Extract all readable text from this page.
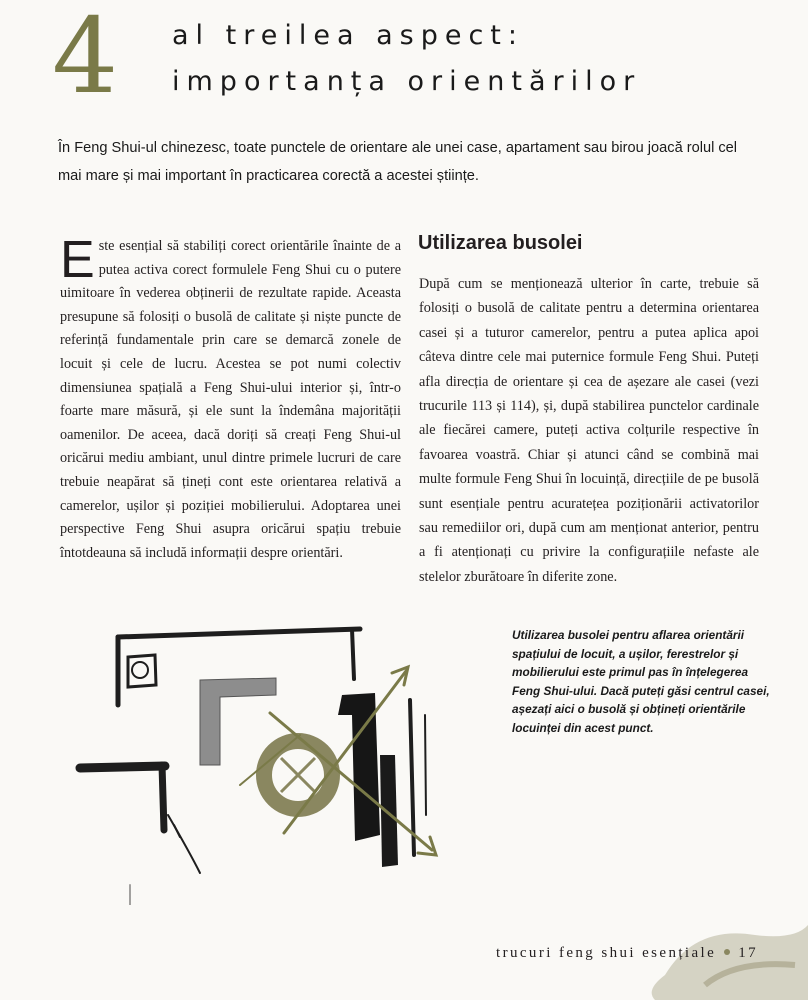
4 al treilea aspect:
importanța orientărilor

În Feng Shui-ul chinezesc, toate punctele de orientare ale unei case, apartament sau birou joacă rolul cel mai mare și mai important în practicarea corectă a acestei științe.

Este esențial să stabiliți corect orientările înainte de a putea activa corect formulele Feng Shui cu o putere uimitoare în vederea obținerii de rezultate rapide. Aceasta presupune să folosiți o busolă de calitate și niște puncte de referință fundamentale prin care se demarcă zonele de locuit și cele de lucru. Acestea se pot numi colectiv dimensiunea spațială a Feng Shui-ului interior și, într-o foarte mare măsură, și ele sunt la îndemâna majorității oamenilor. De aceea, dacă doriți să creați Feng Shui-ul oricărui mediu ambiant, unul dintre primele lucruri de care trebuie neapărat să țineți cont este orientarea relativă a camerelor, ușilor și poziției mobilierului. Adoptarea unei perspective Feng Shui asupra oricărui spațiu trebuie întotdeauna să includă informații despre orientări.

Utilizarea busolei

După cum se menționează ulterior în carte, trebuie să folosiți o busolă de calitate pentru a determina orientarea casei și a tuturor camerelor, pentru a putea aplica apoi câteva dintre cele mai puternice formule Feng Shui. Puteți afla direcția de orientare și cea de așezare ale casei (vezi trucurile 113 și 114), și, după stabilirea punctelor cardinale ale fiecărei camere, puteți activa colțurile respective în favoarea voastră. Chiar și atunci când se combină mai multe formule Feng Shui în locuință, direcțiile de pe busolă sunt esențiale pentru acuratețea poziționării activatorilor sau remediilor ori, după cum am menționat anterior, pentru a fi atenționați cu privire la configurațiile nefaste ale stelelor zburătoare în diferite zone.

Utilizarea busolei pentru aflarea orientării spațiului de locuit, a ușilor, ferestrelor și mobilierului este primul pas în înțelegerea Feng Shui-ului. Dacă puteți găsi centrul casei, așezați aici o busolă și obțineți orientările locuinței din acest punct.

trucuri feng shui esențiale 17
